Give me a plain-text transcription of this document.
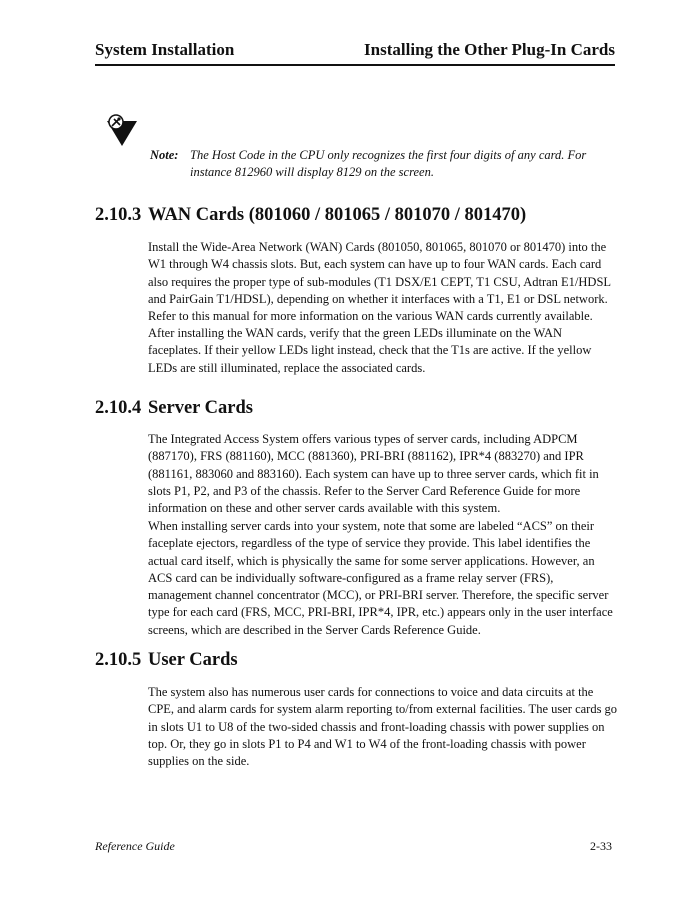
System Installation	Installing the Other Plug-In Cards
Note: The Host Code in the CPU only recognizes the first four digits of any card. For instance 812960 will display 8129 on the screen.
2.10.3 WAN Cards (801060 / 801065 / 801070 / 801470)

Install the Wide-Area Network (WAN) Cards (801050, 801065, 801070 or 801470) into the W1 through W4 chassis slots. But, each system can have up to four WAN cards. Each card also requires the proper type of sub-modules (T1 DSX/E1 CEPT, T1 CSU, Adtran E1/HDSL and PairGain T1/HDSL), depending on whether it interfaces with a T1, E1 or DSL network. Refer to this manual for more information on the various WAN cards currently available.

After installing the WAN cards, verify that the green LEDs illuminate on the WAN faceplates. If their yellow LEDs light instead, check that the T1s are active. If the yellow LEDs are still illuminated, replace the associated cards.

2.10.4 Server Cards

The Integrated Access System offers various types of server cards, including ADPCM (887170), FRS (881160), MCC (881360), PRI-BRI (881162), IPR*4 (883270) and IPR (881161, 883060 and 883160). Each system can have up to three server cards, which fit in slots P1, P2, and P3 of the chassis. Refer to the Server Card Reference Guide for more information on these and other server cards available with this system.

When installing server cards into your system, note that some are labeled “ACS” on their faceplate ejectors, regardless of the type of service they provide. This label identifies the actual card itself, which is physically the same for some server applications. However, an ACS card can be individually software-configured as a frame relay server (FRS), management channel concentrator (MCC), or PRI-BRI server. Therefore, the specific server type for each card (FRS, MCC, PRI-BRI, IPR*4, IPR, etc.) appears only in the user interface screens, which are described in the Server Cards Reference Guide.

2.10.5 User Cards

The system also has numerous user cards for connections to voice and data circuits at the CPE, and alarm cards for system alarm reporting to/from external facilities. The user cards go in slots U1 to U8 of the two-sided chassis and front-loading chassis with power supplies on top. Or, they go in slots P1 to P4 and W1 to W4 of the front-loading chassis with power supplies on the side.

Reference Guide	2-33
